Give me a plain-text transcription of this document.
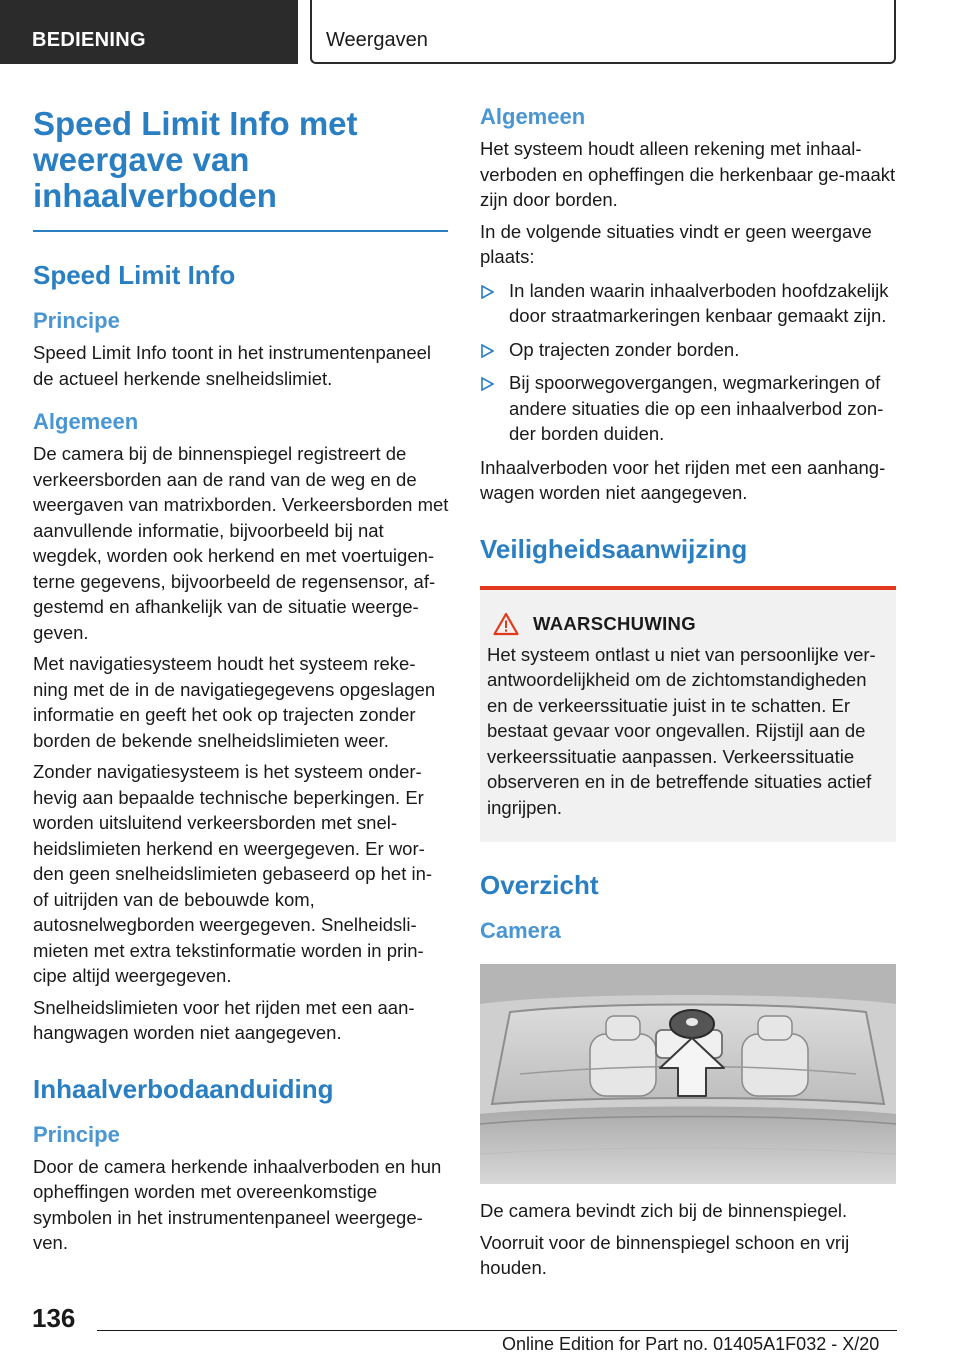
BEDIENING	Weergaven
Speed Limit Info met weergave van inhaalverboden
Speed Limit Info
Principe

Speed Limit Info toont in het instrumentenpaneel de actueel herkende snelheidslimiet.

Algemeen

De camera bij de binnenspiegel registreert de verkeersborden aan de rand van de weg en de weergaven van matrixborden. Verkeersborden met aanvullende informatie, bijvoorbeeld bij nat wegdek, worden ook herkend en met voertuigen-terne gegevens, bijvoorbeeld de regensensor, af-gestemd en afhankelijk van de situatie weerge-geven.

Met navigatiesysteem houdt het systeem reke-ning met de in de navigatiegegevens opgeslagen informatie en geeft het ook op trajecten zonder borden de bekende snelheidslimieten weer.

Zonder navigatiesysteem is het systeem onder-hevig aan bepaalde technische beperkingen. Er worden uitsluitend verkeersborden met snel-heidslimieten herkend en weergegeven. Er wor-den geen snelheidslimieten gebaseerd op het in- of uitrijden van de bebouwde kom, autosnelwegborden weergegeven. Snelheidsli-mieten met extra tekstinformatie worden in prin-cipe altijd weergegeven.

Snelheidslimieten voor het rijden met een aan-hangwagen worden niet aangegeven.

Inhaalverbodaanduiding
Principe

Door de camera herkende inhaalverboden en hun opheffingen worden met overeenkomstige symbolen in het instrumentenpaneel weergege-ven.

Algemeen

Het systeem houdt alleen rekening met inhaal-verboden en opheffingen die herkenbaar ge-maakt zijn door borden.

In de volgende situaties vindt er geen weergave plaats:

In landen waarin inhaalverboden hoofdzakelijk door straatmarkeringen kenbaar gemaakt zijn.
Op trajecten zonder borden.
Bij spoorwegovergangen, wegmarkeringen of andere situaties die op een inhaalverbod zon-der borden duiden.

Inhaalverboden voor het rijden met een aanhang-wagen worden niet aangegeven.

Veiligheidsaanwijzing
WAARSCHUWING

Het systeem ontlast u niet van persoonlijke ver-antwoordelijkheid om de zichtomstandigheden en de verkeerssituatie juist in te schatten. Er bestaat gevaar voor ongevallen. Rijstijl aan de verkeerssituatie aanpassen. Verkeerssituatie observeren en in de betreffende situaties actief ingrijpen.

Overzicht
Camera

De camera bevindt zich bij de binnenspiegel.

Voorruit voor de binnenspiegel schoon en vrij houden.

136
Online Edition for Part no. 01405A1F032 - X/20
